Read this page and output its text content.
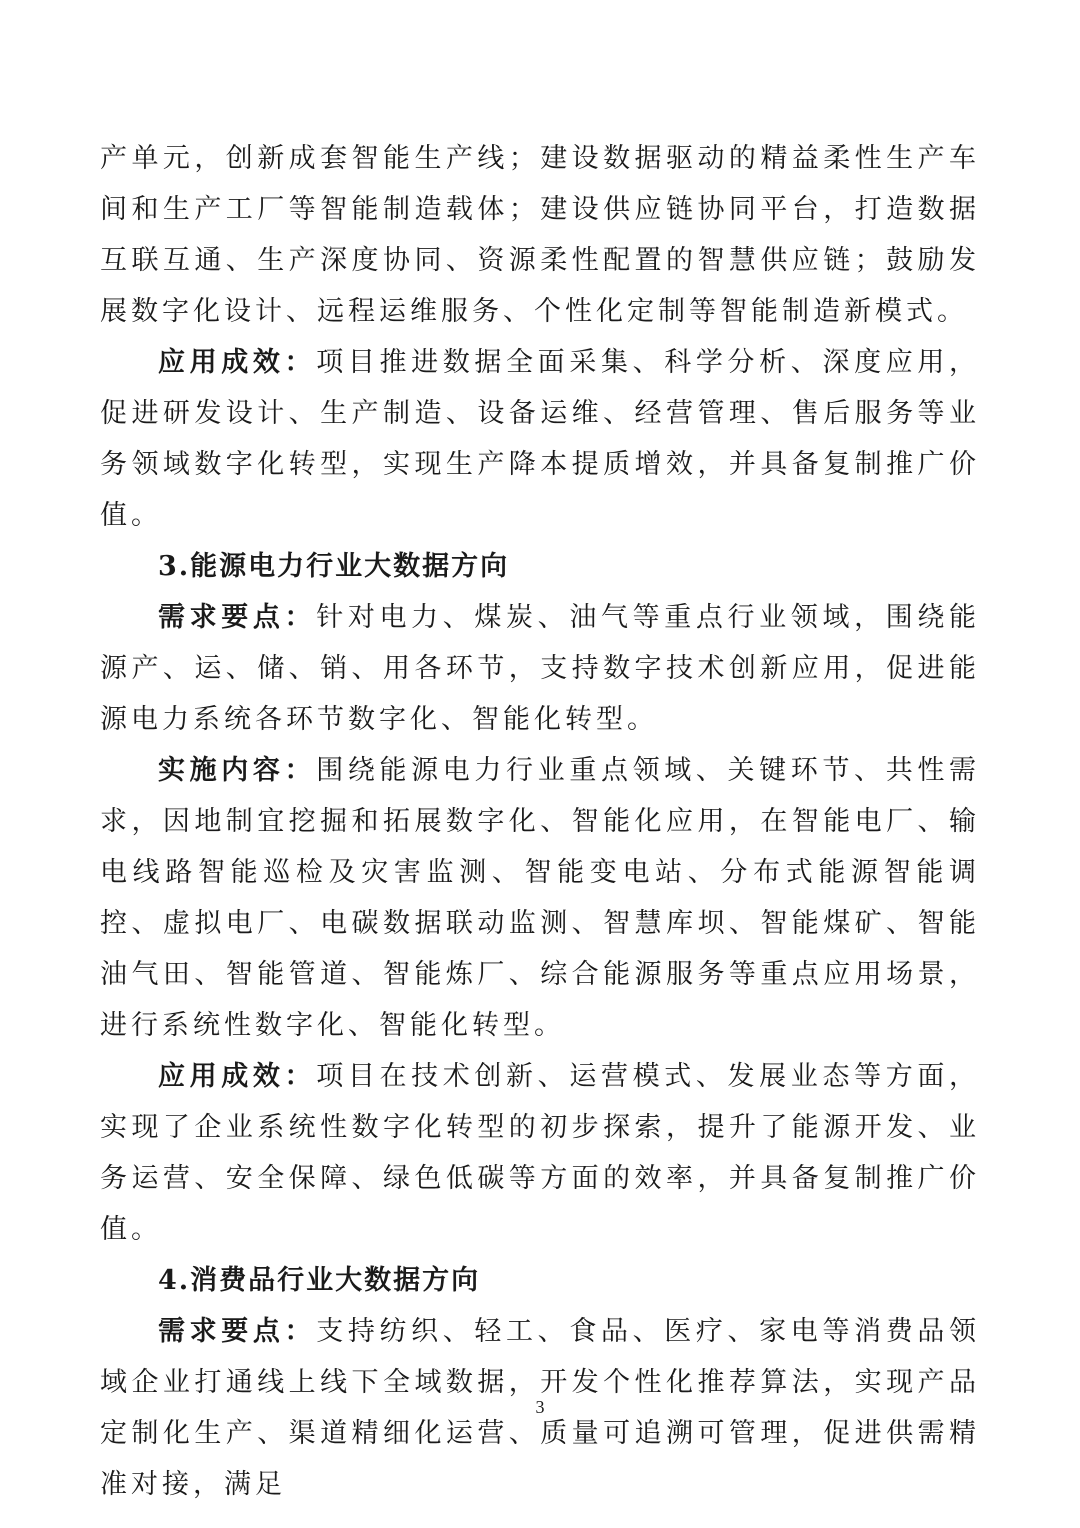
产单元，创新成套智能生产线；建设数据驱动的精益柔性生产车间和生产工厂等智能制造载体；建设供应链协同平台，打造数据互联互通、生产深度协同、资源柔性配置的智慧供应链；鼓励发展数字化设计、远程运维服务、个性化定制等智能制造新模式。

应用成效：项目推进数据全面采集、科学分析、深度应用，促进研发设计、生产制造、设备运维、经营管理、售后服务等业务领域数字化转型，实现生产降本提质增效，并具备复制推广价值。

3.能源电力行业大数据方向

需求要点：针对电力、煤炭、油气等重点行业领域，围绕能源产、运、储、销、用各环节，支持数字技术创新应用，促进能源电力系统各环节数字化、智能化转型。

实施内容：围绕能源电力行业重点领域、关键环节、共性需求，因地制宜挖掘和拓展数字化、智能化应用，在智能电厂、输电线路智能巡检及灾害监测、智能变电站、分布式能源智能调控、虚拟电厂、电碳数据联动监测、智慧库坝、智能煤矿、智能油气田、智能管道、智能炼厂、综合能源服务等重点应用场景，进行系统性数字化、智能化转型。

应用成效：项目在技术创新、运营模式、发展业态等方面，实现了企业系统性数字化转型的初步探索，提升了能源开发、业务运营、安全保障、绿色低碳等方面的效率，并具备复制推广价值。

4.消费品行业大数据方向

需求要点：支持纺织、轻工、食品、医疗、家电等消费品领域企业打通线上线下全域数据，开发个性化推荐算法，实现产品定制化生产、渠道精细化运营、质量可追溯可管理，促进供需精准对接，满足

3
